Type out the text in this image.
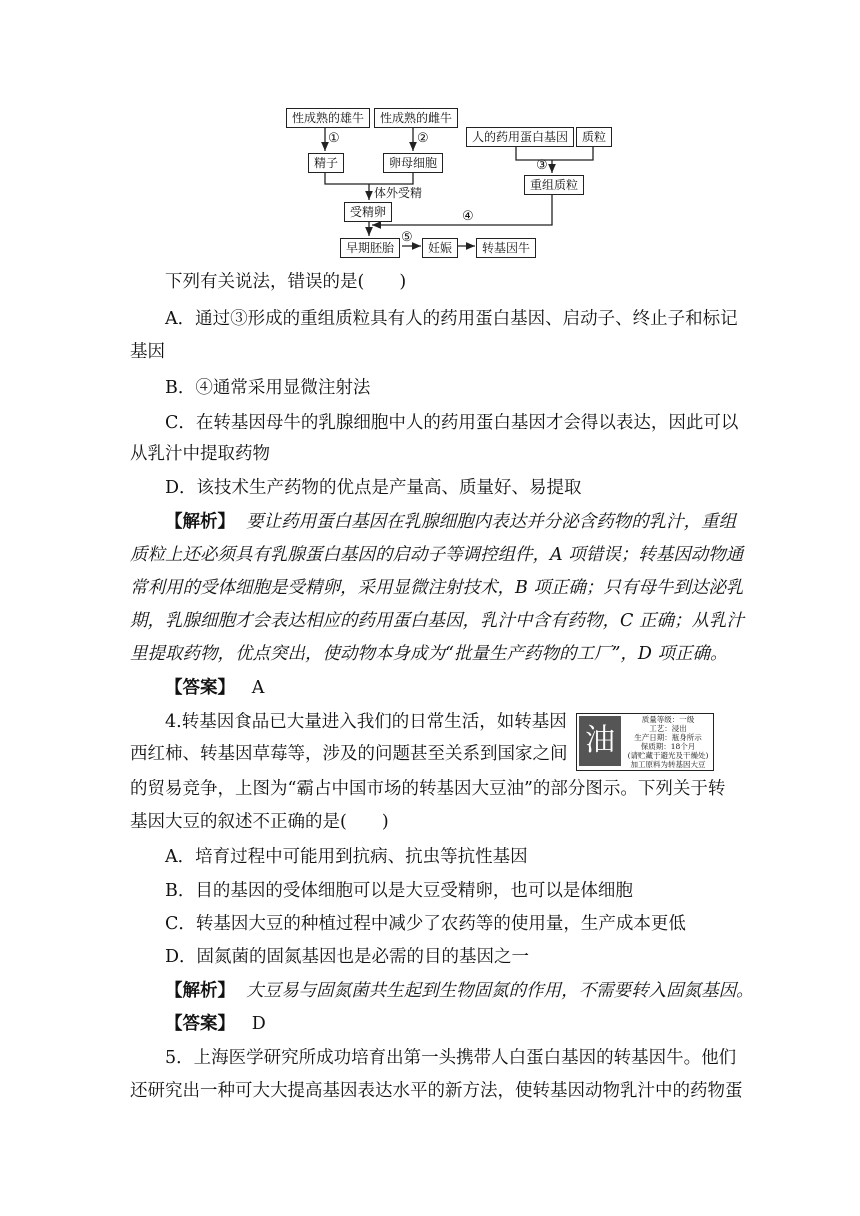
性成熟的雄牛	性成熟的雌牛
①	②
精子	卵母细胞
体外受精
受精卵
人的药用蛋白基因	质粒
③
重组质粒
④
早期胚胎
⑤
妊娠	转基因牛
下列有关说法，错误的是(　　)
A．通过③形成的重组质粒具有人的药用蛋白基因、启动子、终止子和标记
基因
B．④通常采用显微注射法
C．在转基因母牛的乳腺细胞中人的药用蛋白基因才会得以表达，因此可以
从乳汁中提取药物
D．该技术生产药物的优点是产量高、质量好、易提取
【解析】 要让药用蛋白基因在乳腺细胞内表达并分泌含药物的乳汁，重组
质粒上还必须具有乳腺蛋白基因的启动子等调控组件，A 项错误；转基因动物通
常利用的受体细胞是受精卵，采用显微注射技术，B 项正确；只有母牛到达泌乳
期，乳腺细胞才会表达相应的药用蛋白基因，乳汁中含有药物，C 正确；从乳汁
里提取药物，优点突出，使动物本身成为“批量生产药物的工厂”，D 项正确。
【答案】 A
4.转基因食品已大量进入我们的日常生活，如转基因
油
质量等级：一级
工艺：浸出
生产日期：瓶身所示
保质期：18个月
(请贮藏于避光及干燥处)
加工原料为转基因大豆
西红柿、转基因草莓等，涉及的问题甚至关系到国家之间
的贸易竞争，上图为“霸占中国市场的转基因大豆油”的部分图示。下列关于转
基因大豆的叙述不正确的是(　　)
A．培育过程中可能用到抗病、抗虫等抗性基因
B．目的基因的受体细胞可以是大豆受精卵，也可以是体细胞
C．转基因大豆的种植过程中减少了农药等的使用量，生产成本更低
D．固氮菌的固氮基因也是必需的目的基因之一
【解析】 大豆易与固氮菌共生起到生物固氮的作用，不需要转入固氮基因。
【答案】 D
5．上海医学研究所成功培育出第一头携带人白蛋白基因的转基因牛。他们
还研究出一种可大大提高基因表达水平的新方法，使转基因动物乳汁中的药物蛋
